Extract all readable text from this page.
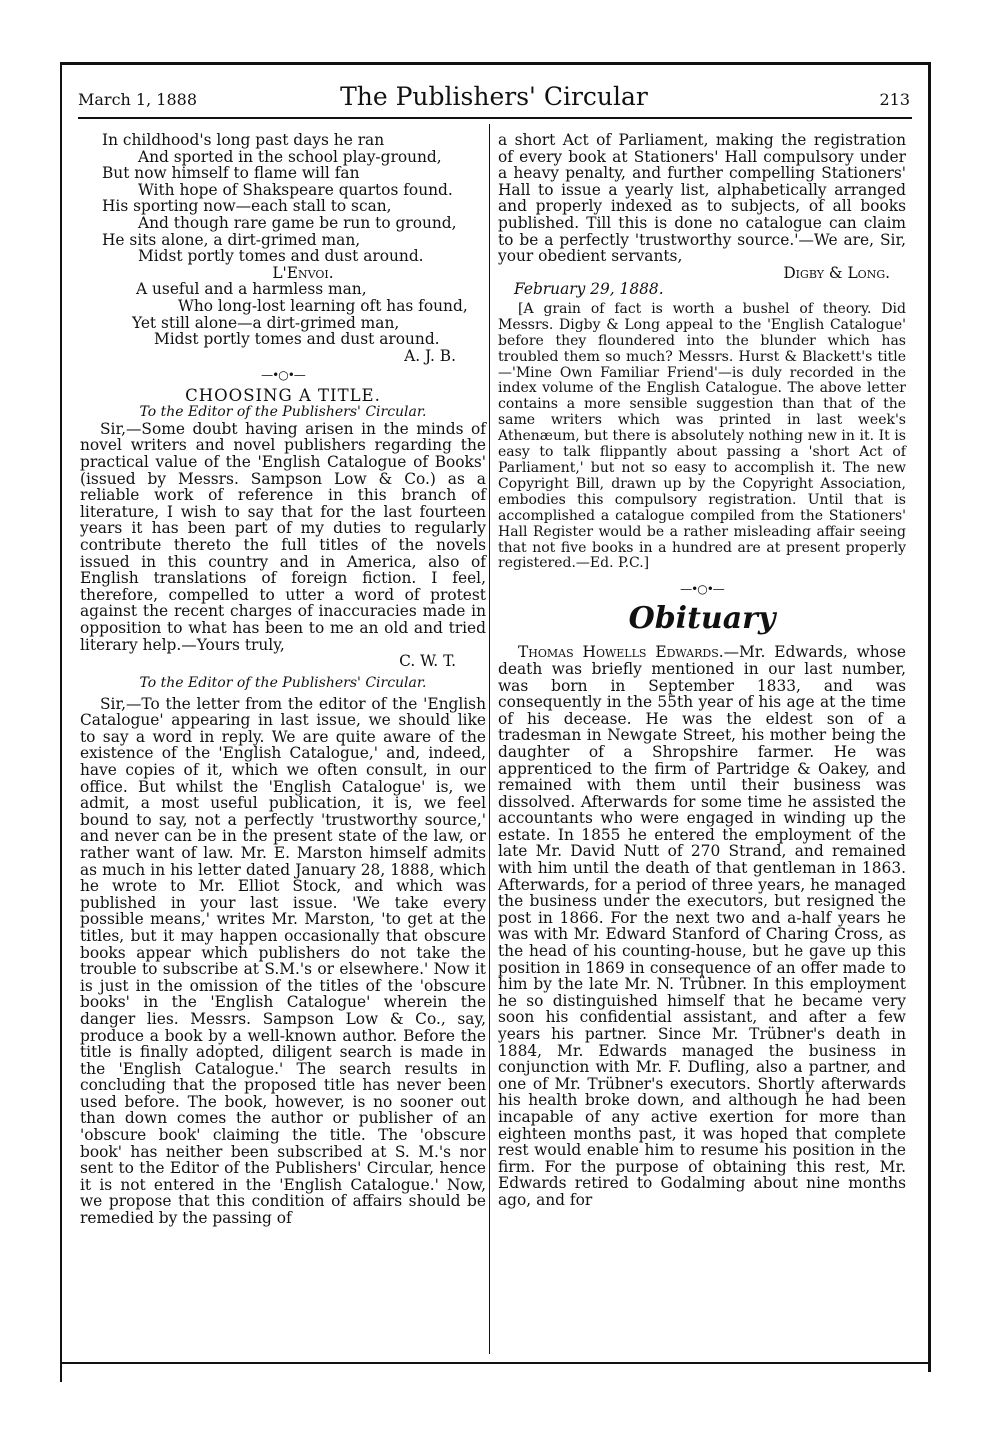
March 1, 1888	The Publishers' Circular	213

In childhood's long past days he ran

And sported in the school play-ground,

But now himself to flame will fan

With hope of Shakspeare quartos found.

His sporting now—each stall to scan,

And though rare game be run to ground,

He sits alone, a dirt-grimed man,

Midst portly tomes and dust around.

L'Envoi.

A useful and a harmless man,

Who long-lost learning oft has found,

Yet still alone—a dirt-grimed man,

Midst portly tomes and dust around.

A. J. B.

—•○•—
CHOOSING A TITLE.

To the Editor of the Publishers' Circular.

Sir,—Some doubt having arisen in the minds of novel writers and novel publishers regarding the practical value of the 'English Catalogue of Books' (issued by Messrs. Sampson Low & Co.) as a reliable work of reference in this branch of literature, I wish to say that for the last fourteen years it has been part of my duties to regularly contribute thereto the full titles of the novels issued in this country and in America, also of English translations of foreign fiction. I feel, therefore, compelled to utter a word of protest against the recent charges of inaccuracies made in opposition to what has been to me an old and tried literary help.—Yours truly,

C. W. T.

To the Editor of the Publishers' Circular.

Sir,—To the letter from the editor of the 'English Catalogue' appearing in last issue, we should like to say a word in reply. We are quite aware of the existence of the 'English Catalogue,' and, indeed, have copies of it, which we often consult, in our office. But whilst the 'English Catalogue' is, we admit, a most useful publication, it is, we feel bound to say, not a perfectly 'trustworthy source,' and never can be in the present state of the law, or rather want of law. Mr. E. Marston himself admits as much in his letter dated January 28, 1888, which he wrote to Mr. Elliot Stock, and which was published in your last issue. 'We take every possible means,' writes Mr. Marston, 'to get at the titles, but it may happen occasionally that obscure books appear which publishers do not take the trouble to subscribe at S.M.'s or elsewhere.' Now it is just in the omission of the titles of the 'obscure books' in the 'English Catalogue' wherein the danger lies. Messrs. Sampson Low & Co., say, produce a book by a well-known author. Before the title is finally adopted, diligent search is made in the 'English Catalogue.' The search results in concluding that the proposed title has never been used before. The book, however, is no sooner out than down comes the author or publisher of an 'obscure book' claiming the title. The 'obscure book' has neither been subscribed at S. M.'s nor sent to the Editor of the Publishers' Circular, hence it is not entered in the 'English Catalogue.' Now, we propose that this condition of affairs should be remedied by the passing of

a short Act of Parliament, making the registration of every book at Stationers' Hall compulsory under a heavy penalty, and further compelling Stationers' Hall to issue a yearly list, alphabetically arranged and properly indexed as to subjects, of all books published. Till this is done no catalogue can claim to be a perfectly 'trustworthy source.'—We are, Sir, your obedient servants,

Digby & Long.

February 29, 1888.

[A grain of fact is worth a bushel of theory. Did Messrs. Digby & Long appeal to the 'English Catalogue' before they floundered into the blunder which has troubled them so much? Messrs. Hurst & Blackett's title—'Mine Own Familiar Friend'—is duly recorded in the index volume of the English Catalogue. The above letter contains a more sensible suggestion than that of the same writers which was printed in last week's Athenæum, but there is absolutely nothing new in it. It is easy to talk flippantly about passing a 'short Act of Parliament,' but not so easy to accomplish it. The new Copyright Bill, drawn up by the Copyright Association, embodies this compulsory registration. Until that is accomplished a catalogue compiled from the Stationers' Hall Register would be a rather misleading affair seeing that not five books in a hundred are at present properly registered.—Ed. P.C.]

—•○•—
Obituary

Thomas Howells Edwards.—Mr. Edwards, whose death was briefly mentioned in our last number, was born in September 1833, and was consequently in the 55th year of his age at the time of his decease. He was the eldest son of a tradesman in Newgate Street, his mother being the daughter of a Shropshire farmer. He was apprenticed to the firm of Partridge & Oakey, and remained with them until their business was dissolved. Afterwards for some time he assisted the accountants who were engaged in winding up the estate. In 1855 he entered the employment of the late Mr. David Nutt of 270 Strand, and remained with him until the death of that gentleman in 1863. Afterwards, for a period of three years, he managed the business under the executors, but resigned the post in 1866. For the next two and a-half years he was with Mr. Edward Stanford of Charing Cross, as the head of his counting-house, but he gave up this position in 1869 in consequence of an offer made to him by the late Mr. N. Trübner. In this employment he so distinguished himself that he became very soon his confidential assistant, and after a few years his partner. Since Mr. Trübner's death in 1884, Mr. Edwards managed the business in conjunction with Mr. F. Dufling, also a partner, and one of Mr. Trübner's executors. Shortly afterwards his health broke down, and although he had been incapable of any active exertion for more than eighteen months past, it was hoped that complete rest would enable him to resume his position in the firm. For the purpose of obtaining this rest, Mr. Edwards retired to Godalming about nine months ago, and for
